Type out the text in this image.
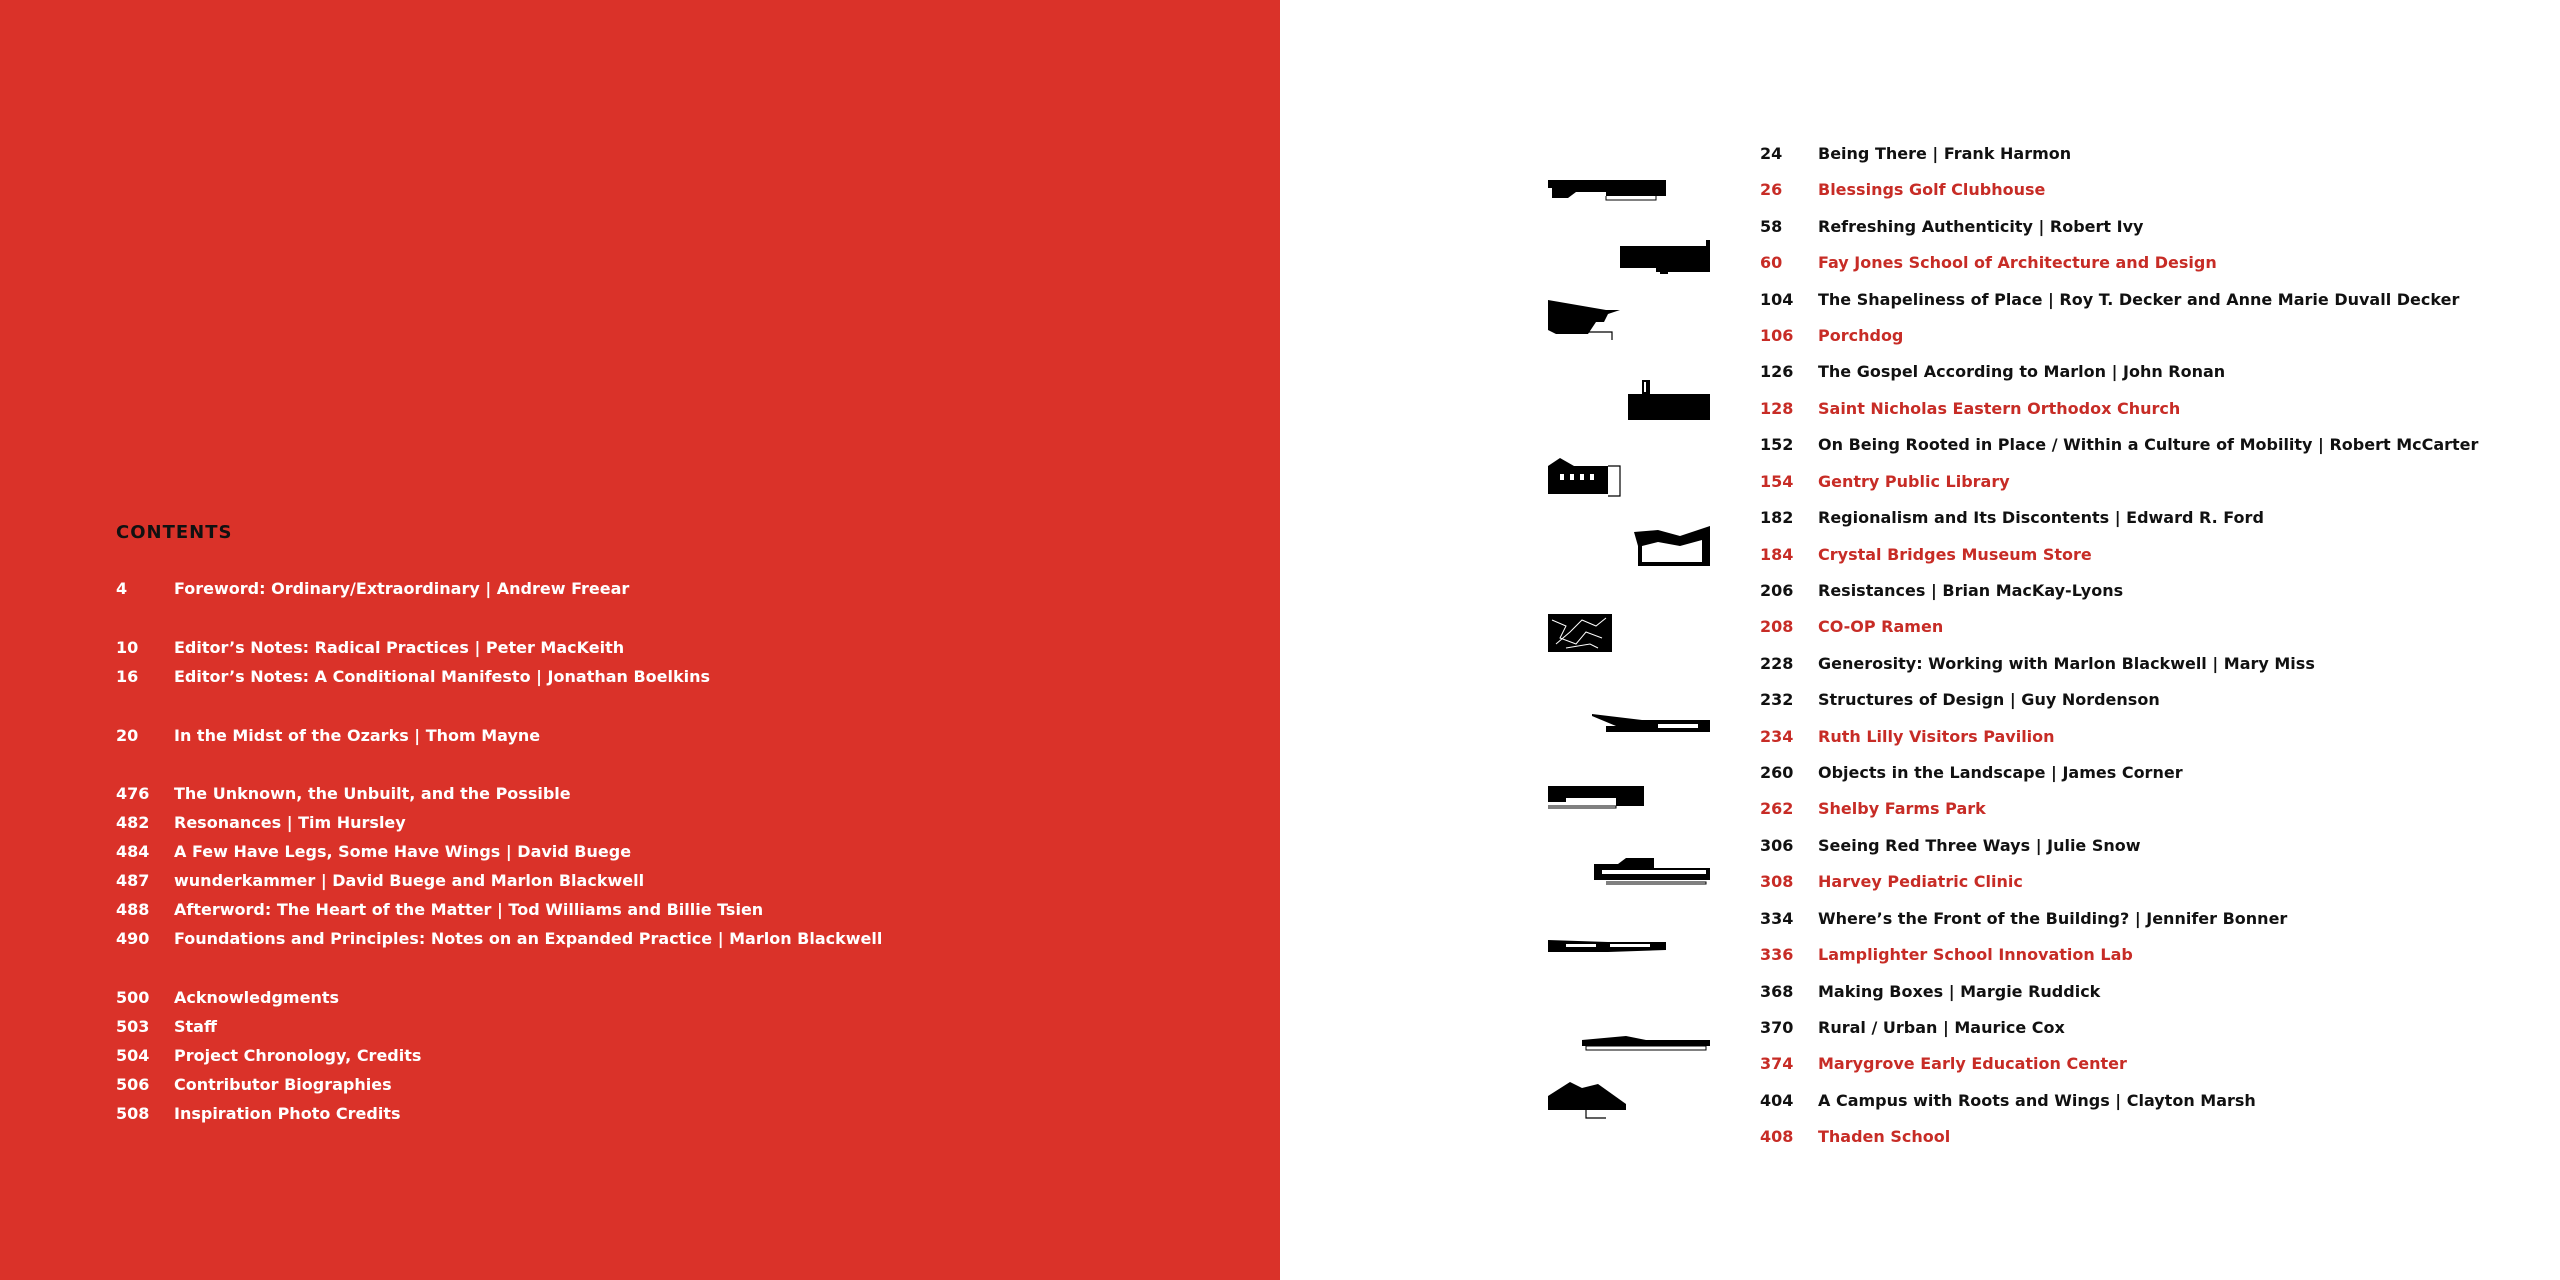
CONTENTS
4	Foreword: Ordinary/Extraordinary | Andrew Freear
10	Editor’s Notes: Radical Practices | Peter MacKeith
16	Editor’s Notes: A Conditional Manifesto | Jonathan Boelkins
20	In the Midst of the Ozarks | Thom Mayne
476	The Unknown, the Unbuilt, and the Possible
482	Resonances | Tim Hursley
484	A Few Have Legs, Some Have Wings | David Buege
487	wunderkammer | David Buege and Marlon Blackwell
488	Afterword: The Heart of the Matter | Tod Williams and Billie Tsien
490	Foundations and Principles: Notes on an Expanded Practice | Marlon Blackwell
500	Acknowledgments
503	Staff
504	Project Chronology, Credits
506	Contributor Biographies
508	Inspiration Photo Credits
24	Being There | Frank Harmon
26	Blessings Golf Clubhouse
58	Refreshing Authenticity | Robert Ivy
60	Fay Jones School of Architecture and Design
104	The Shapeliness of Place | Roy T. Decker and Anne Marie Duvall Decker
106	Porchdog
126	The Gospel According to Marlon | John Ronan
128	Saint Nicholas Eastern Orthodox Church
152	On Being Rooted in Place / Within a Culture of Mobility | Robert McCarter
154	Gentry Public Library
182	Regionalism and Its Discontents | Edward R. Ford
184	Crystal Bridges Museum Store
206	Resistances | Brian MacKay-Lyons
208	CO-OP Ramen
228	Generosity: Working with Marlon Blackwell | Mary Miss
232	Structures of Design | Guy Nordenson
234	Ruth Lilly Visitors Pavilion
260	Objects in the Landscape | James Corner
262	Shelby Farms Park
306	Seeing Red Three Ways | Julie Snow
308	Harvey Pediatric Clinic
334	Where’s the Front of the Building? | Jennifer Bonner
336	Lamplighter School Innovation Lab
368	Making Boxes | Margie Ruddick
370	Rural / Urban | Maurice Cox
374	Marygrove Early Education Center
404	A Campus with Roots and Wings | Clayton Marsh
408	Thaden School
